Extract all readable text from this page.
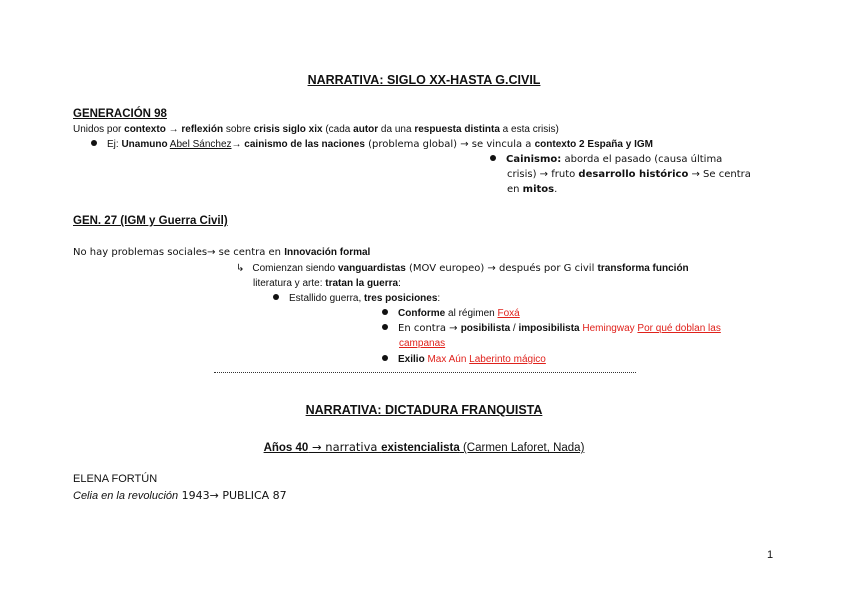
NARRATIVA: SIGLO XX-HASTA G.CIVIL
GENERACIÓN 98
Unidos por contexto → reflexión sobre crisis siglo xix (cada autor da una respuesta distinta a esta crisis)
Ej: Unamuno Abel Sánchez→ cainismo de las naciones (problema global) → se vincula a contexto 2 España y IGM
Cainismo: aborda el pasado (causa última
crisis) → fruto desarrollo histórico → Se centra
en mitos.
GEN. 27 (IGM y Guerra Civil)
No hay problemas sociales→ se centra en Innovación formal
↳ Comienzan siendo vanguardistas (MOV europeo) → después por G civil transforma función
literatura y arte: tratan la guerra:
Estallido guerra, tres posiciones:
Conforme al régimen Foxá
En contra → posibilista / imposibilista Hemingway Por qué doblan las
campanas
Exilio Max Aún Laberinto mágico
NARRATIVA: DICTADURA FRANQUISTA
Años 40 → narrativa existencialista (Carmen Laforet, Nada)
ELENA FORTÚN
Celia en la revolución 1943→ PUBLICA 87
1
